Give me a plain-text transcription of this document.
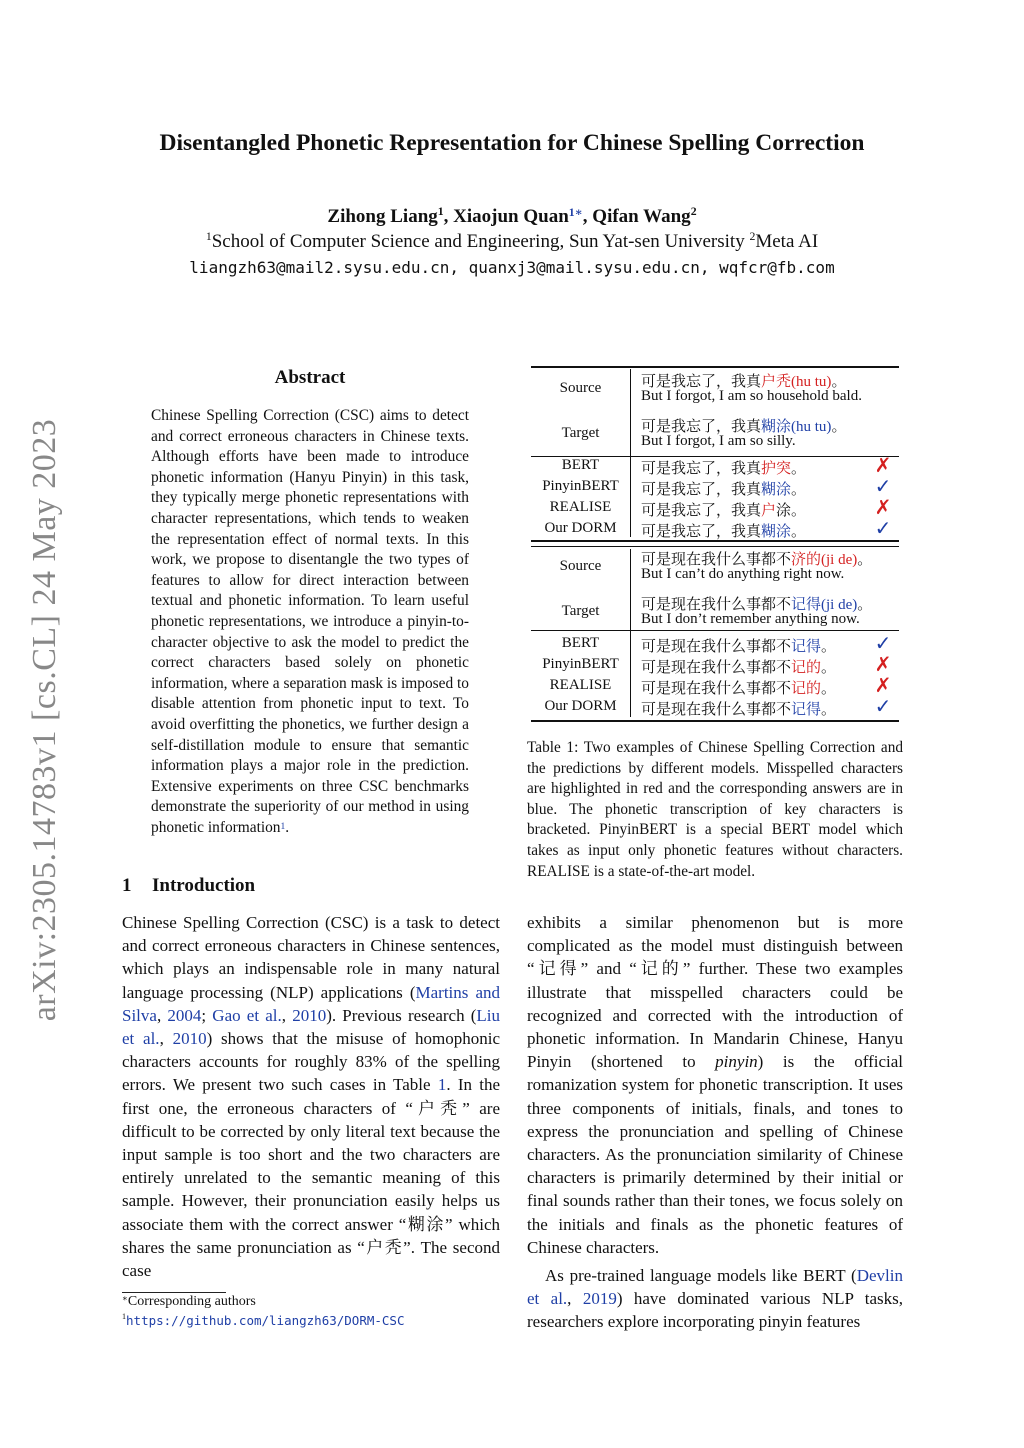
Disentangled Phonetic Representation for Chinese Spelling Correction
Zihong Liang$^1$, Xiaojun Quan$^{1∗}$, Qifan Wang$^2$
$^1$School of Computer Science and Engineering, Sun Yat-sen University $^2$Meta AI
liangzh63@mail2.sysu.edu.cn, quanxj3@mail.sysu.edu.cn, wqfcr@fb.com
arXiv:2305.14783v1 [cs.CL] 24 May 2023
Abstract
Chinese Spelling Correction (CSC) aims to detect and correct erroneous characters in Chinese texts. Although efforts have been made to introduce phonetic information (Hanyu Pinyin) in this task, they typically merge phonetic representations with character representations, which tends to weaken the representation effect of normal texts. In this work, we propose to disentangle the two types of features to allow for direct interaction between textual and phonetic information. To learn useful phonetic representations, we introduce a pinyin-to-character objective to ask the model to predict the correct characters based solely on phonetic information, where a separation mask is imposed to disable attention from phonetic input to text. To avoid overfitting the phonetics, we further design a self-distillation module to ensure that semantic information plays a major role in the prediction. Extensive experiments on three CSC benchmarks demonstrate the superiority of our method in using phonetic information$^1$.
Source	可是我忘了，我真户秃(hu tu)。
But I forgot, I am so household bald.
Target	可是我忘了，我真糊涂(hu tu)。
But I forgot, I am so silly.
BERT	可是我忘了，我真护突。	✗
PinyinBERT	可是我忘了，我真糊涂。	✓
REALISE	可是我忘了，我真户涂。	✗
Our DORM	可是我忘了，我真糊涂。	✓
Source	可是现在我什么事都不济的(ji de)。
But I can’t do anything right now.
Target	可是现在我什么事都不记得(ji de)。
But I don’t remember anything now.
BERT	可是现在我什么事都不记得。 ✓
PinyinBERT	可是现在我什么事都不记的。 ✗
REALISE	可是现在我什么事都不记的。 ✗
Our DORM	可是现在我什么事都不记得。 ✓
Table 1: Two examples of Chinese Spelling Correction and the predictions by different models. Misspelled characters are highlighted in red and the corresponding answers are in blue. The phonetic transcription of key characters is bracketed. PinyinBERT is a special BERT model which takes as input only phonetic features without characters. REALISE is a state-of-the-art model.
1 Introduction
Chinese Spelling Correction (CSC) is a task to detect and correct erroneous characters in Chinese sentences, which plays an indispensable role in many natural language processing (NLP) applications (Martins and Silva, 2004; Gao et al., 2010). Previous research (Liu et al., 2010) shows that the misuse of homophonic characters accounts for roughly 83% of the spelling errors. We present two such cases in Table 1. In the first one, the erroneous characters of “户秃” are difficult to be corrected by only literal text because the input sample is too short and the two characters are entirely unrelated to the semantic meaning of this sample. However, their pronunciation easily helps us associate them with the correct answer “糊涂” which shares the same pronunciation as “户秃”. The second case
exhibits a similar phenomenon but is more complicated as the model must distinguish between “记得” and “记的” further. These two examples illustrate that misspelled characters could be recognized and corrected with the introduction of phonetic information. In Mandarin Chinese, Hanyu Pinyin (shortened to pinyin) is the official romanization system for phonetic transcription. It uses three components of initials, finals, and tones to express the pronunciation and spelling of Chinese characters. As the pronunciation similarity of Chinese characters is primarily determined by their initial or final sounds rather than their tones, we focus solely on the initials and finals as the phonetic features of Chinese characters.
As pre-trained language models like BERT (Devlin et al., 2019) have dominated various NLP tasks, researchers explore incorporating pinyin features
∗Corresponding authors
$^1$https://github.com/liangzh63/DORM-CSC
